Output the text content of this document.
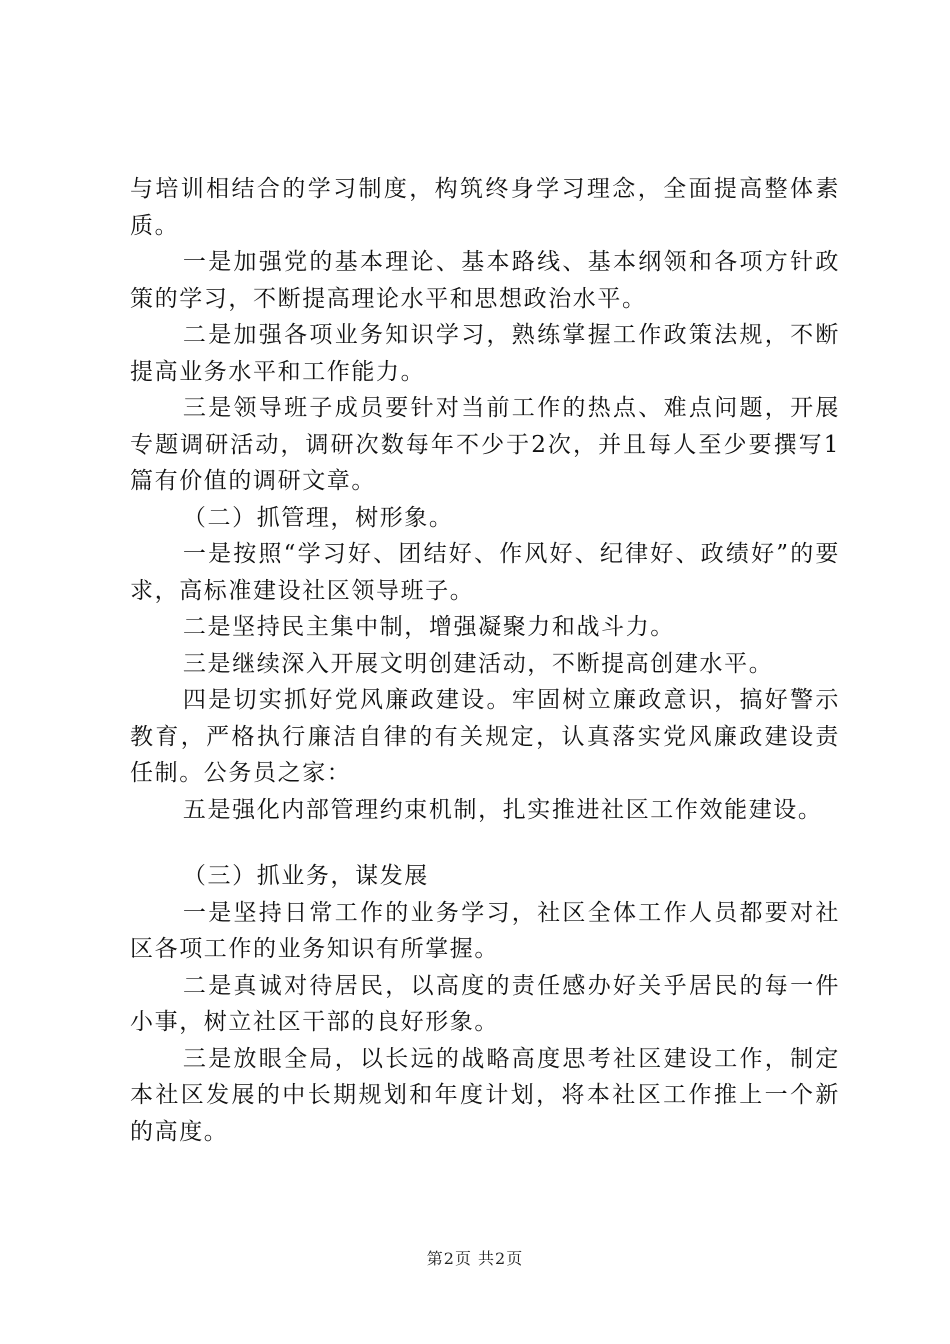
与培训相结合的学习制度，构筑终身学习理念，全面提高整体素质。

一是加强党的基本理论、基本路线、基本纲领和各项方针政策的学习，不断提高理论水平和思想政治水平。

二是加强各项业务知识学习，熟练掌握工作政策法规，不断提高业务水平和工作能力。

三是领导班子成员要针对当前工作的热点、难点问题，开展专题调研活动，调研次数每年不少于2次，并且每人至少要撰写1篇有价值的调研文章。

（二）抓管理，树形象。

一是按照“学习好、团结好、作风好、纪律好、政绩好”的要求，高标准建设社区领导班子。

二是坚持民主集中制，增强凝聚力和战斗力。

三是继续深入开展文明创建活动，不断提高创建水平。

四是切实抓好党风廉政建设。牢固树立廉政意识，搞好警示教育，严格执行廉洁自律的有关规定，认真落实党风廉政建设责任制。公务员之家：

五是强化内部管理约束机制，扎实推进社区工作效能建设。

（三）抓业务，谋发展

一是坚持日常工作的业务学习，社区全体工作人员都要对社区各项工作的业务知识有所掌握。

二是真诚对待居民，以高度的责任感办好关乎居民的每一件小事，树立社区干部的良好形象。

三是放眼全局，以长远的战略高度思考社区建设工作，制定本社区发展的中长期规划和年度计划，将本社区工作推上一个新的高度。

第2页 共2页
